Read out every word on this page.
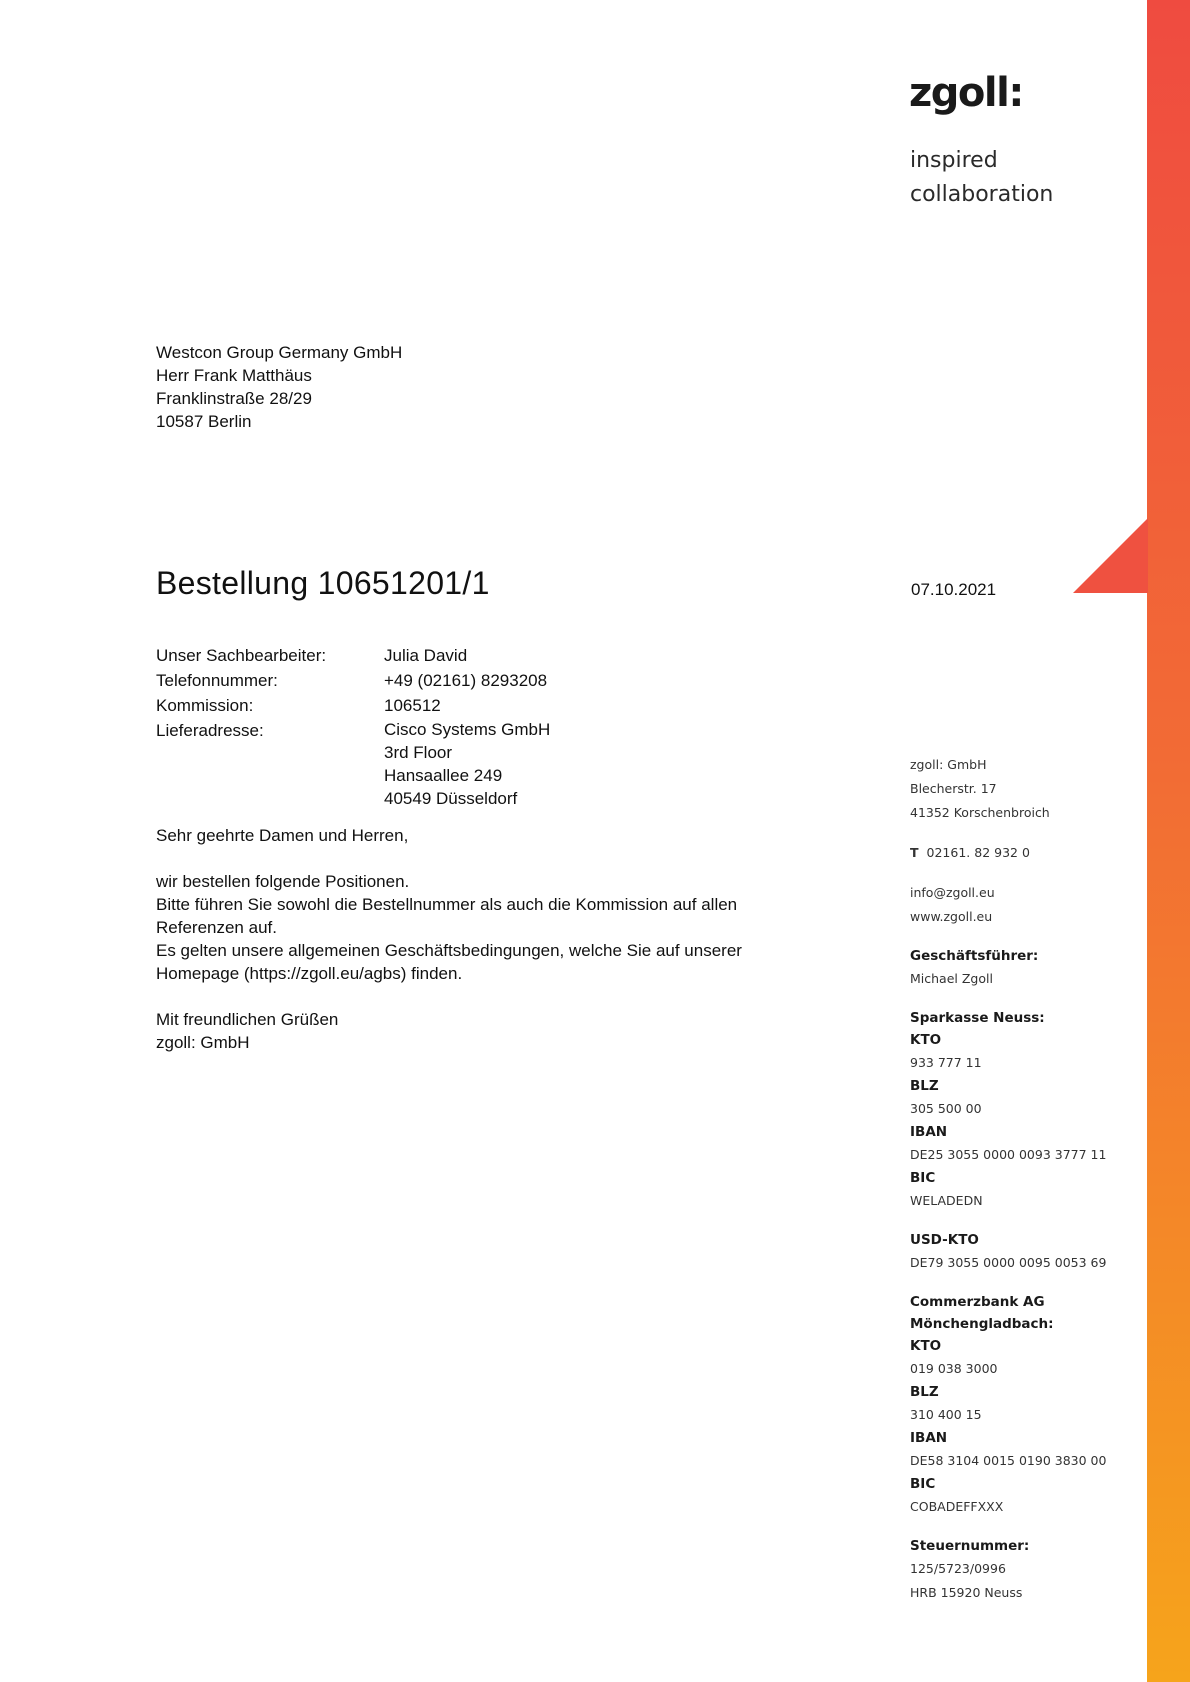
zgoll:
inspired
collaboration
Westcon Group Germany GmbH
Herr Frank Matthäus
Franklinstraße 28/29
10587 Berlin
Bestellung 10651201/1	07.10.2021
Unser Sachbearbeiter:	Julia David
Telefonnummer:	+49 (02161) 8293208
Kommission:	106512
Lieferadresse:	Cisco Systems GmbH
3rd Floor
Hansaallee 249
40549 Düsseldorf

Sehr geehrte Damen und Herren,

wir bestellen folgende Positionen.

Bitte führen Sie sowohl die Bestellnummer als auch die Kommission auf allen Referenzen auf.

Es gelten unsere allgemeinen Geschäftsbedingungen, welche Sie auf unserer Homepage (https://zgoll.eu/agbs) finden.

Mit freundlichen Grüßen

zgoll: GmbH

zgoll: GmbH
Blecherstr. 17
41352 Korschenbroich
T 02161. 82 932 0
info@zgoll.eu
www.zgoll.eu
Geschäftsführer:
Michael Zgoll
Sparkasse Neuss:
KTO
933 777 11
BLZ
305 500 00
IBAN
DE25 3055 0000 0093 3777 11
BIC
WELADEDN
USD-KTO
DE79 3055 0000 0095 0053 69
Commerzbank AG
Mönchengladbach:
KTO
019 038 3000
BLZ
310 400 15
IBAN
DE58 3104 0015 0190 3830 00
BIC
COBADEFFXXX
Steuernummer:
125/5723/0996
HRB 15920 Neuss
